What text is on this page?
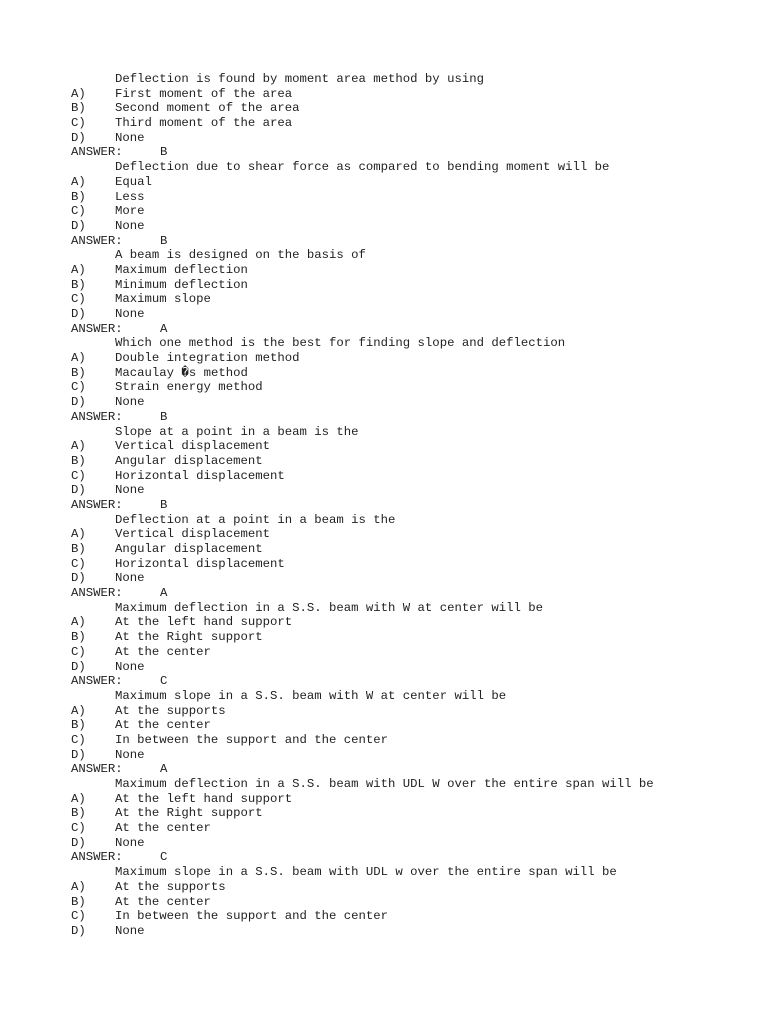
Deflection is found by moment area method by using
A)	First moment of the area
B)	Second moment of the area
C)	Third moment of the area
D)	None
ANSWER:	B
Deflection due to shear force as compared to bending moment will be
A)	Equal
B)	Less
C)	More
D)	None
ANSWER:	B
A beam is designed on the basis of
A)	Maximum deflection
B)	Minimum deflection
C)	Maximum slope
D)	None
ANSWER:	A
Which one method is the best for finding slope and deflection
A)	Double integration method
B)	Macaulay �s method
C)	Strain energy method
D)	None
ANSWER:	B
Slope at a point in a beam is the
A)	Vertical displacement
B)	Angular displacement
C)	Horizontal displacement
D)	None
ANSWER:	B
Deflection at a point in a beam is the
A)	Vertical displacement
B)	Angular displacement
C)	Horizontal displacement
D)	None
ANSWER:	A
Maximum deflection in a S.S. beam with W at center will be
A)	At the left hand support
B)	At the Right support
C)	At the center
D)	None
ANSWER:	C
Maximum slope in a S.S. beam with W at center will be
A)	At the supports
B)	At the center
C)	In between the support and the center
D)	None
ANSWER:	A
Maximum deflection in a S.S. beam with UDL W over the entire span will be
A)	At the left hand support
B)	At the Right support
C)	At the center
D)	None
ANSWER:	C
Maximum slope in a S.S. beam with UDL w over the entire span will be
A)	At the supports
B)	At the center
C)	In between the support and the center
D)	None
